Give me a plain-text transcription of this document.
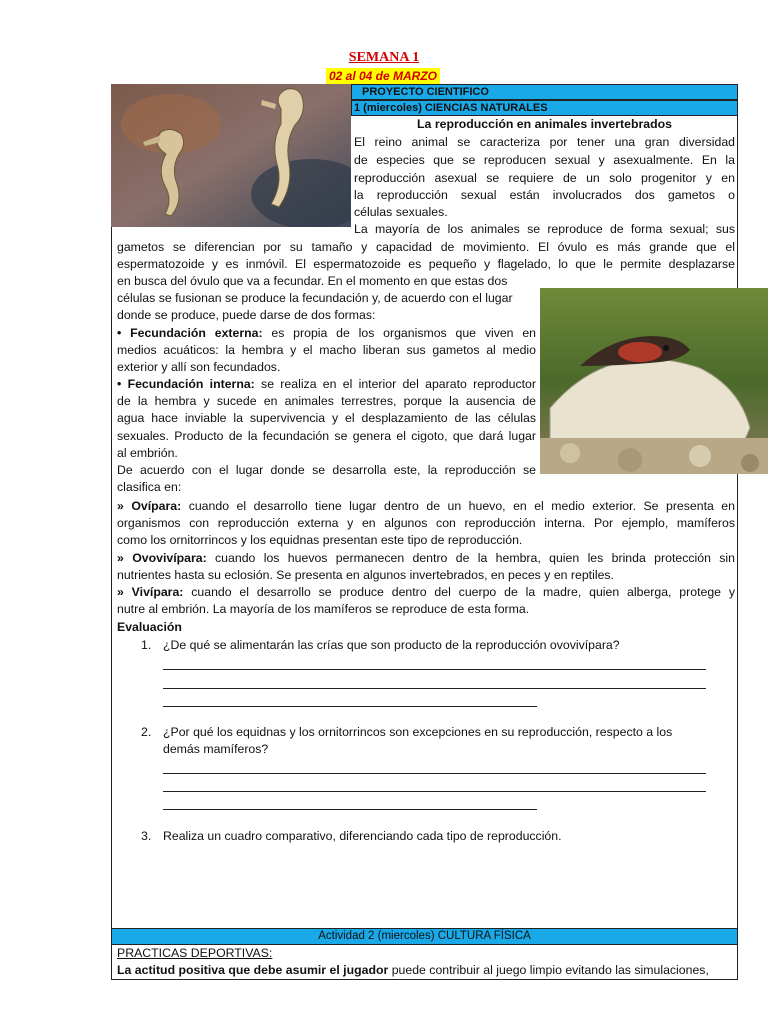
SEMANA 1
02 al 04 de MARZO
PROYECTO CIENTIFICO
1 (miercoles) CIENCIAS NATURALES
La reproducción en animales invertebrados
El reino animal se caracteriza por tener una gran diversidad
de especies que se reproducen sexual y asexualmente. En la
reproducción asexual se requiere de un solo progenitor y en
la reproducción sexual están involucrados dos gametos o
células sexuales.
La mayoría de los animales se reproduce de forma sexual; sus
gametos se diferencian por su tamaño y capacidad de movimiento. El óvulo es más grande que el
espermatozoide y es inmóvil. El espermatozoide es pequeño y flagelado, lo que le permite desplazarse
en busca del óvulo que va a fecundar. En el momento en que estas dos
células se fusionan se produce la fecundación y, de acuerdo con el lugar
donde se produce, puede darse de dos formas:
• Fecundación externa: es propia de los organismos que viven en
medios acuáticos: la hembra y el macho liberan sus gametos al medio
exterior y allí son fecundados.
• Fecundación interna: se realiza en el interior del aparato reproductor
de la hembra y sucede en animales terrestres, porque la ausencia de
agua hace inviable la supervivencia y el desplazamiento de las células
sexuales. Producto de la fecundación se genera el cigoto, que dará lugar
al embrión.
De acuerdo con el lugar donde se desarrolla este, la reproducción se
clasifica en:
» Ovípara: cuando el desarrollo tiene lugar dentro de un huevo, en el medio exterior. Se presenta en
organismos con reproducción externa y en algunos con reproducción interna. Por ejemplo, mamíferos
como los ornitorrincos y los equidnas presentan este tipo de reproducción.
» Ovovivípara: cuando los huevos permanecen dentro de la hembra, quien les brinda protección sin
nutrientes hasta su eclosión. Se presenta en algunos invertebrados, en peces y en reptiles.
» Vivípara: cuando el desarrollo se produce dentro del cuerpo de la madre, quien alberga, protege y
nutre al embrión. La mayoría de los mamíferos se reproduce de esta forma.
Evaluación
1. ¿De qué se alimentarán las crías que son producto de la reproducción ovovivípara?
2. ¿Por qué los equidnas y los ornitorrincos son excepciones en su reproducción, respecto a los
demás mamíferos?
3. Realiza un cuadro comparativo, diferenciando cada tipo de reproducción.
Actividad 2 (miercoles) CULTURA FÍSICA
PRACTICAS DEPORTIVAS:
La actitud positiva que debe asumir el jugador puede contribuir al juego limpio evitando las simulaciones,
